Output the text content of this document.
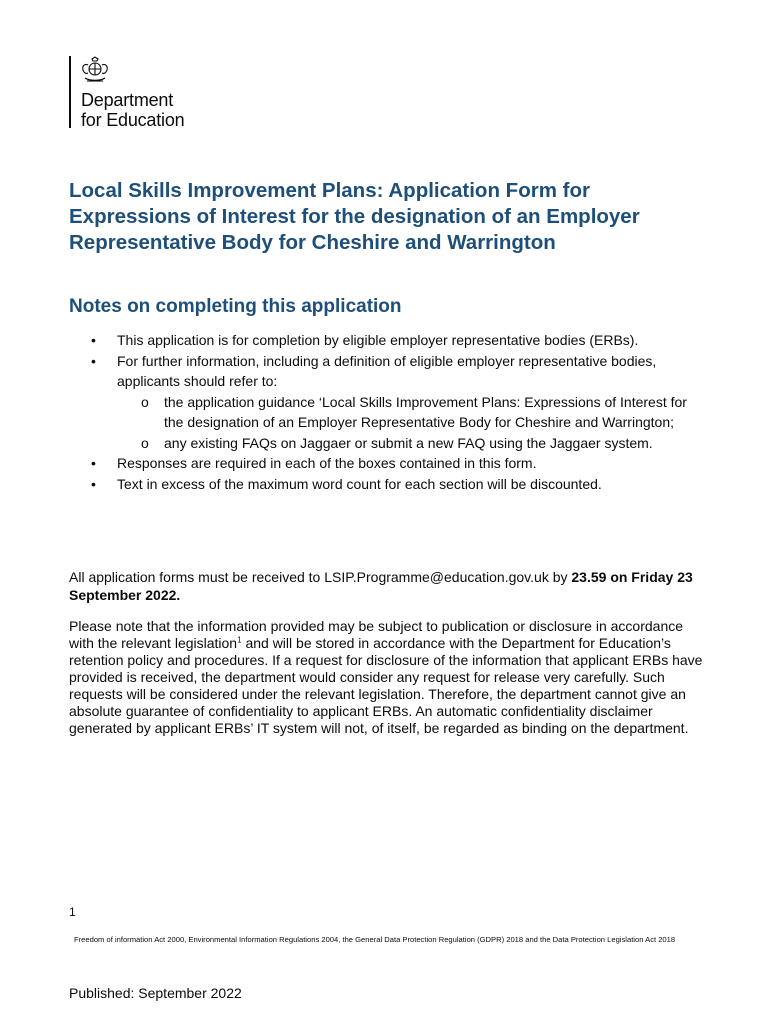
Department
for Education
Local Skills Improvement Plans: Application Form for Expressions of Interest for the designation of an Employer Representative Body for Cheshire and Warrington
Notes on completing this application
• This application is for completion by eligible employer representative bodies (ERBs).
• For further information, including a definition of eligible employer representative bodies, applicants should refer to:
o the application guidance ‘Local Skills Improvement Plans: Expressions of Interest for the designation of an Employer Representative Body for Cheshire and Warrington;
o any existing FAQs on Jaggaer or submit a new FAQ using the Jaggaer system.
• Responses are required in each of the boxes contained in this form.
• Text in excess of the maximum word count for each section will be discounted.
All application forms must be received to LSIP.Programme@education.gov.uk by 23.59 on Friday 23 September 2022.
Please note that the information provided may be subject to publication or disclosure in accordance with the relevant legislation$^1$ and will be stored in accordance with the Department for Education’s retention policy and procedures. If a request for disclosure of the information that applicant ERBs have provided is received, the department would consider any request for release very carefully. Such requests will be considered under the relevant legislation. Therefore, the department cannot give an absolute guarantee of confidentiality to applicant ERBs. An automatic confidentiality disclaimer generated by applicant ERBs’ IT system will not, of itself, be regarded as binding on the department.
1
Freedom of information Act 2000, Environmental Information Regulations 2004, the General Data Protection Regulation (GDPR) 2018 and the Data Protection Legislation Act 2018
Published: September 2022
